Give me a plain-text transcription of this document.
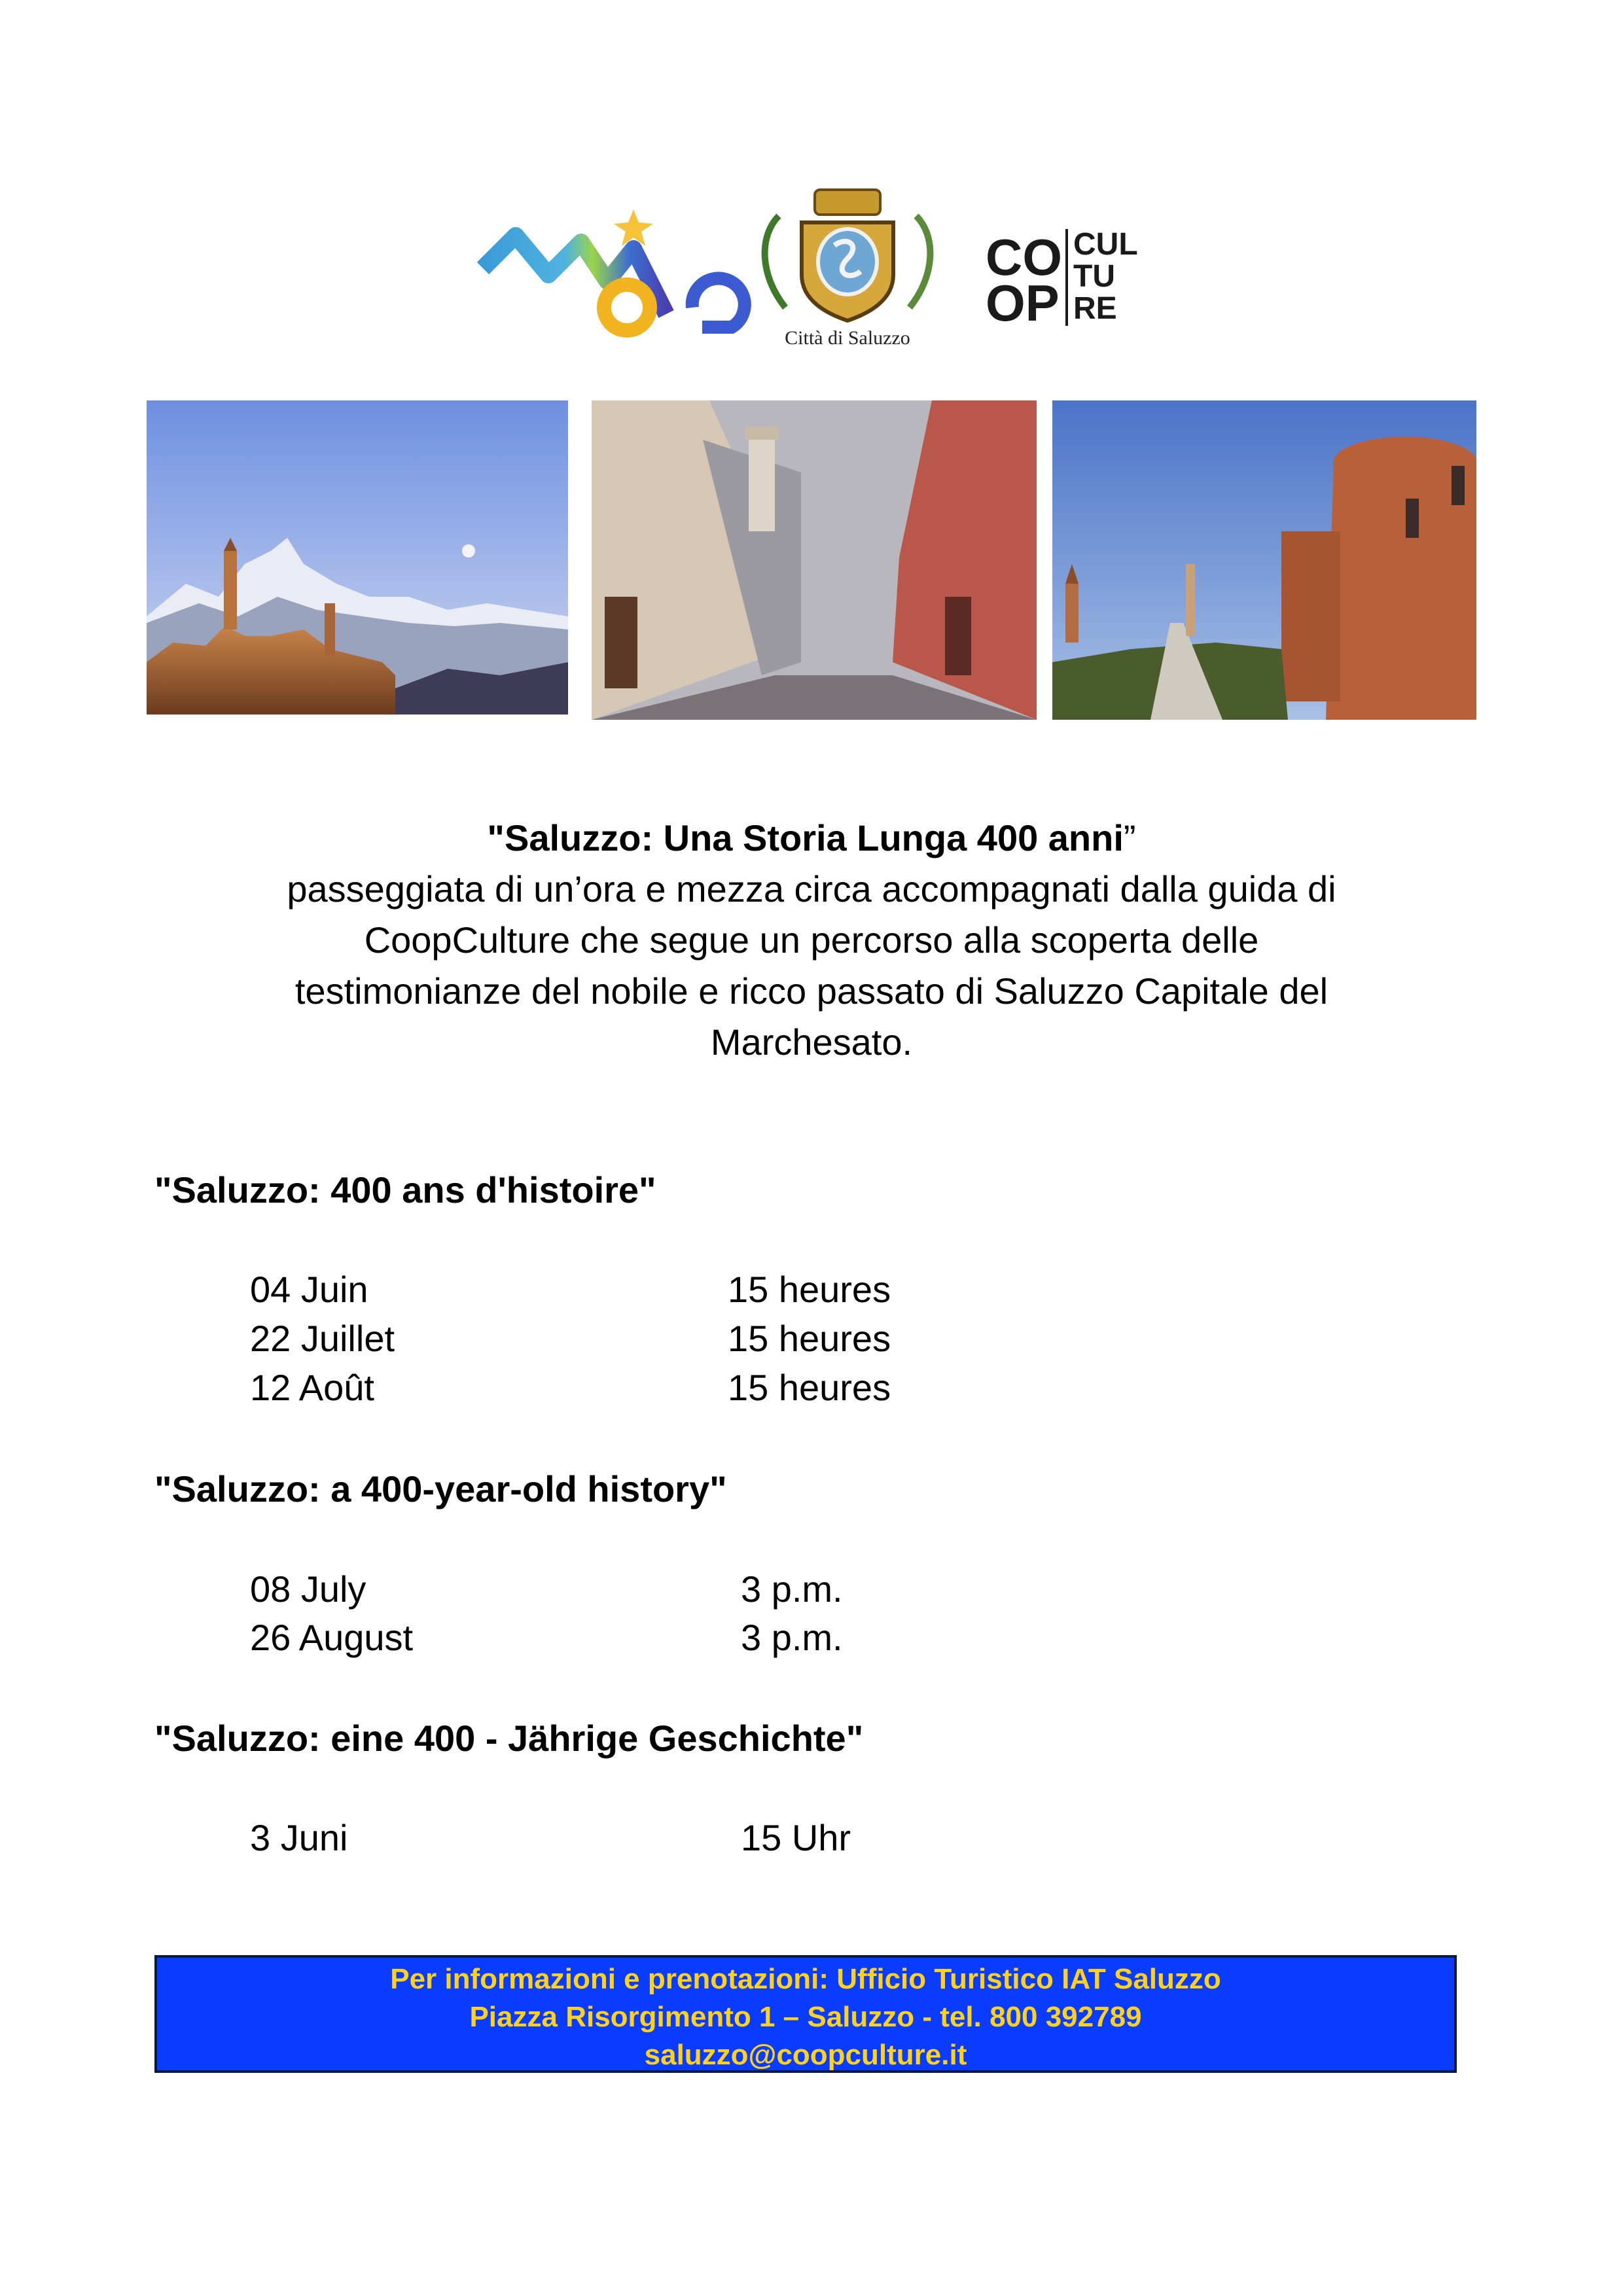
Città di Saluzzo
CO
OP
CUL
TU
RE
"Saluzzo: Una Storia Lunga 400 anni”
passeggiata di un’ora e mezza circa accompagnati dalla guida di
CoopCulture che segue un percorso alla scoperta delle
testimonianze del nobile e ricco passato di Saluzzo Capitale del
Marchesato.
"Saluzzo: 400 ans d'histoire"
04 Juin	15 heures
22 Juillet	15 heures
12 Août	15 heures
"Saluzzo: a 400-year-old history"
08 July	3 p.m.
26 August	3 p.m.
"Saluzzo: eine 400 - Jährige Geschichte"
3 Juni	15 Uhr
Per informazioni e prenotazioni: Ufficio Turistico IAT Saluzzo
Piazza Risorgimento 1 – Saluzzo - tel. 800 392789
saluzzo@coopculture.it
